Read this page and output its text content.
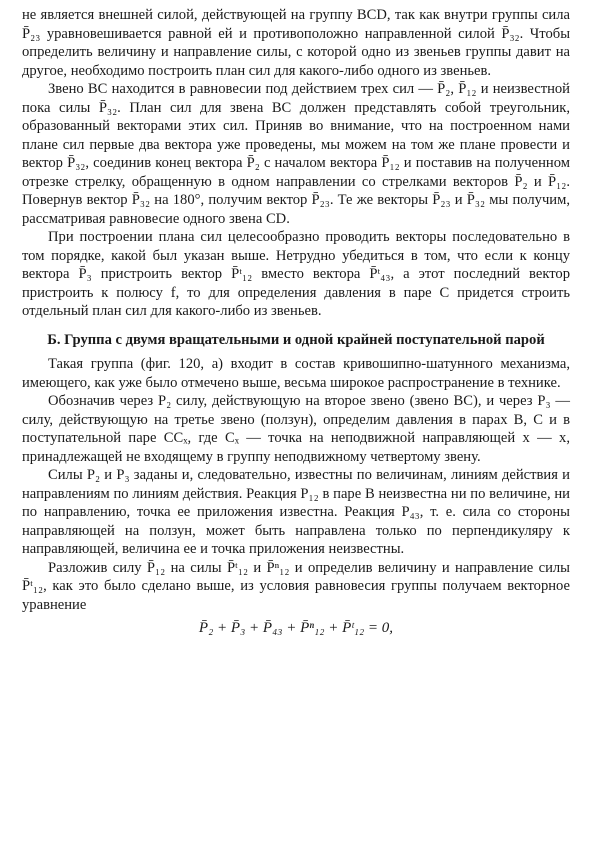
не является внешней силой, действующей на группу BCD, так как внутри группы сила P̄₂₃ уравновешивается равной ей и противоположно направленной силой P̄₃₂. Чтобы определить величину и направление силы, с которой одно из звеньев группы давит на другое, необходимо построить план сил для какого-либо одного из звеньев.

Звено BC находится в равновесии под действием трех сил — P̄₂, P̄₁₂ и неизвестной пока силы P̄₃₂. План сил для звена BC должен представлять собой треугольник, образованный векторами этих сил. Приняв во внимание, что на построенном нами плане сил первые два вектора уже проведены, мы можем на том же плане провести и вектор P̄₃₂, соединив конец вектора P̄₂ с началом вектора P̄₁₂ и поставив на полученном отрезке стрелку, обращенную в одном направлении со стрелками векторов P̄₂ и P̄₁₂. Повернув вектор P̄₃₂ на 180°, получим вектор P̄₂₃. Те же векторы P̄₂₃ и P̄₃₂ мы получим, рассматривая равновесие одного звена CD.

При построении плана сил целесообразно проводить векторы последовательно в том порядке, какой был указан выше. Нетрудно убедиться в том, что если к концу вектора P̄₃ пристроить вектор P̄ᵗ₁₂ вместо вектора P̄ᵗ₄₃, а этот последний вектор пристроить к полюсу f, то для определения давления в паре C придется строить отдельный план сил для какого-либо из звеньев.

Б. Группа с двумя вращательными и одной крайней поступательной парой

Такая группа (фиг. 120, а) входит в состав кривошипно-шатунного механизма, имеющего, как уже было отмечено выше, весьма широкое распространение в технике.

Обозначив через P₂ силу, действующую на второе звено (звено BC), и через P₃ — силу, действующую на третье звено (ползун), определим давления в парах B, C и в поступательной паре CCₓ, где Cₓ — точка на неподвижной направляющей x — x, принадлежащей не входящему в группу неподвижному четвертому звену.

Силы P₂ и P₃ заданы и, следовательно, известны по величинам, линиям действия и направлениям по линиям действия. Реакция P₁₂ в паре B неизвестна ни по величине, ни по направлению, точка ее приложения известна. Реакция P₄₃, т. е. сила со стороны направляющей на ползун, может быть направлена только по перпендикуляру к направляющей, величина ее и точка приложения неизвестны.

Разложив силу P̄₁₂ на силы P̄ᵗ₁₂ и P̄ⁿ₁₂ и определив величину и направление силы P̄ᵗ₁₂, как это было сделано выше, из условия равновесия группы получаем векторное уравнение

P̄₂ + P̄₃ + P̄₄₃ + P̄ⁿ₁₂ + P̄ᵗ₁₂ = 0,
